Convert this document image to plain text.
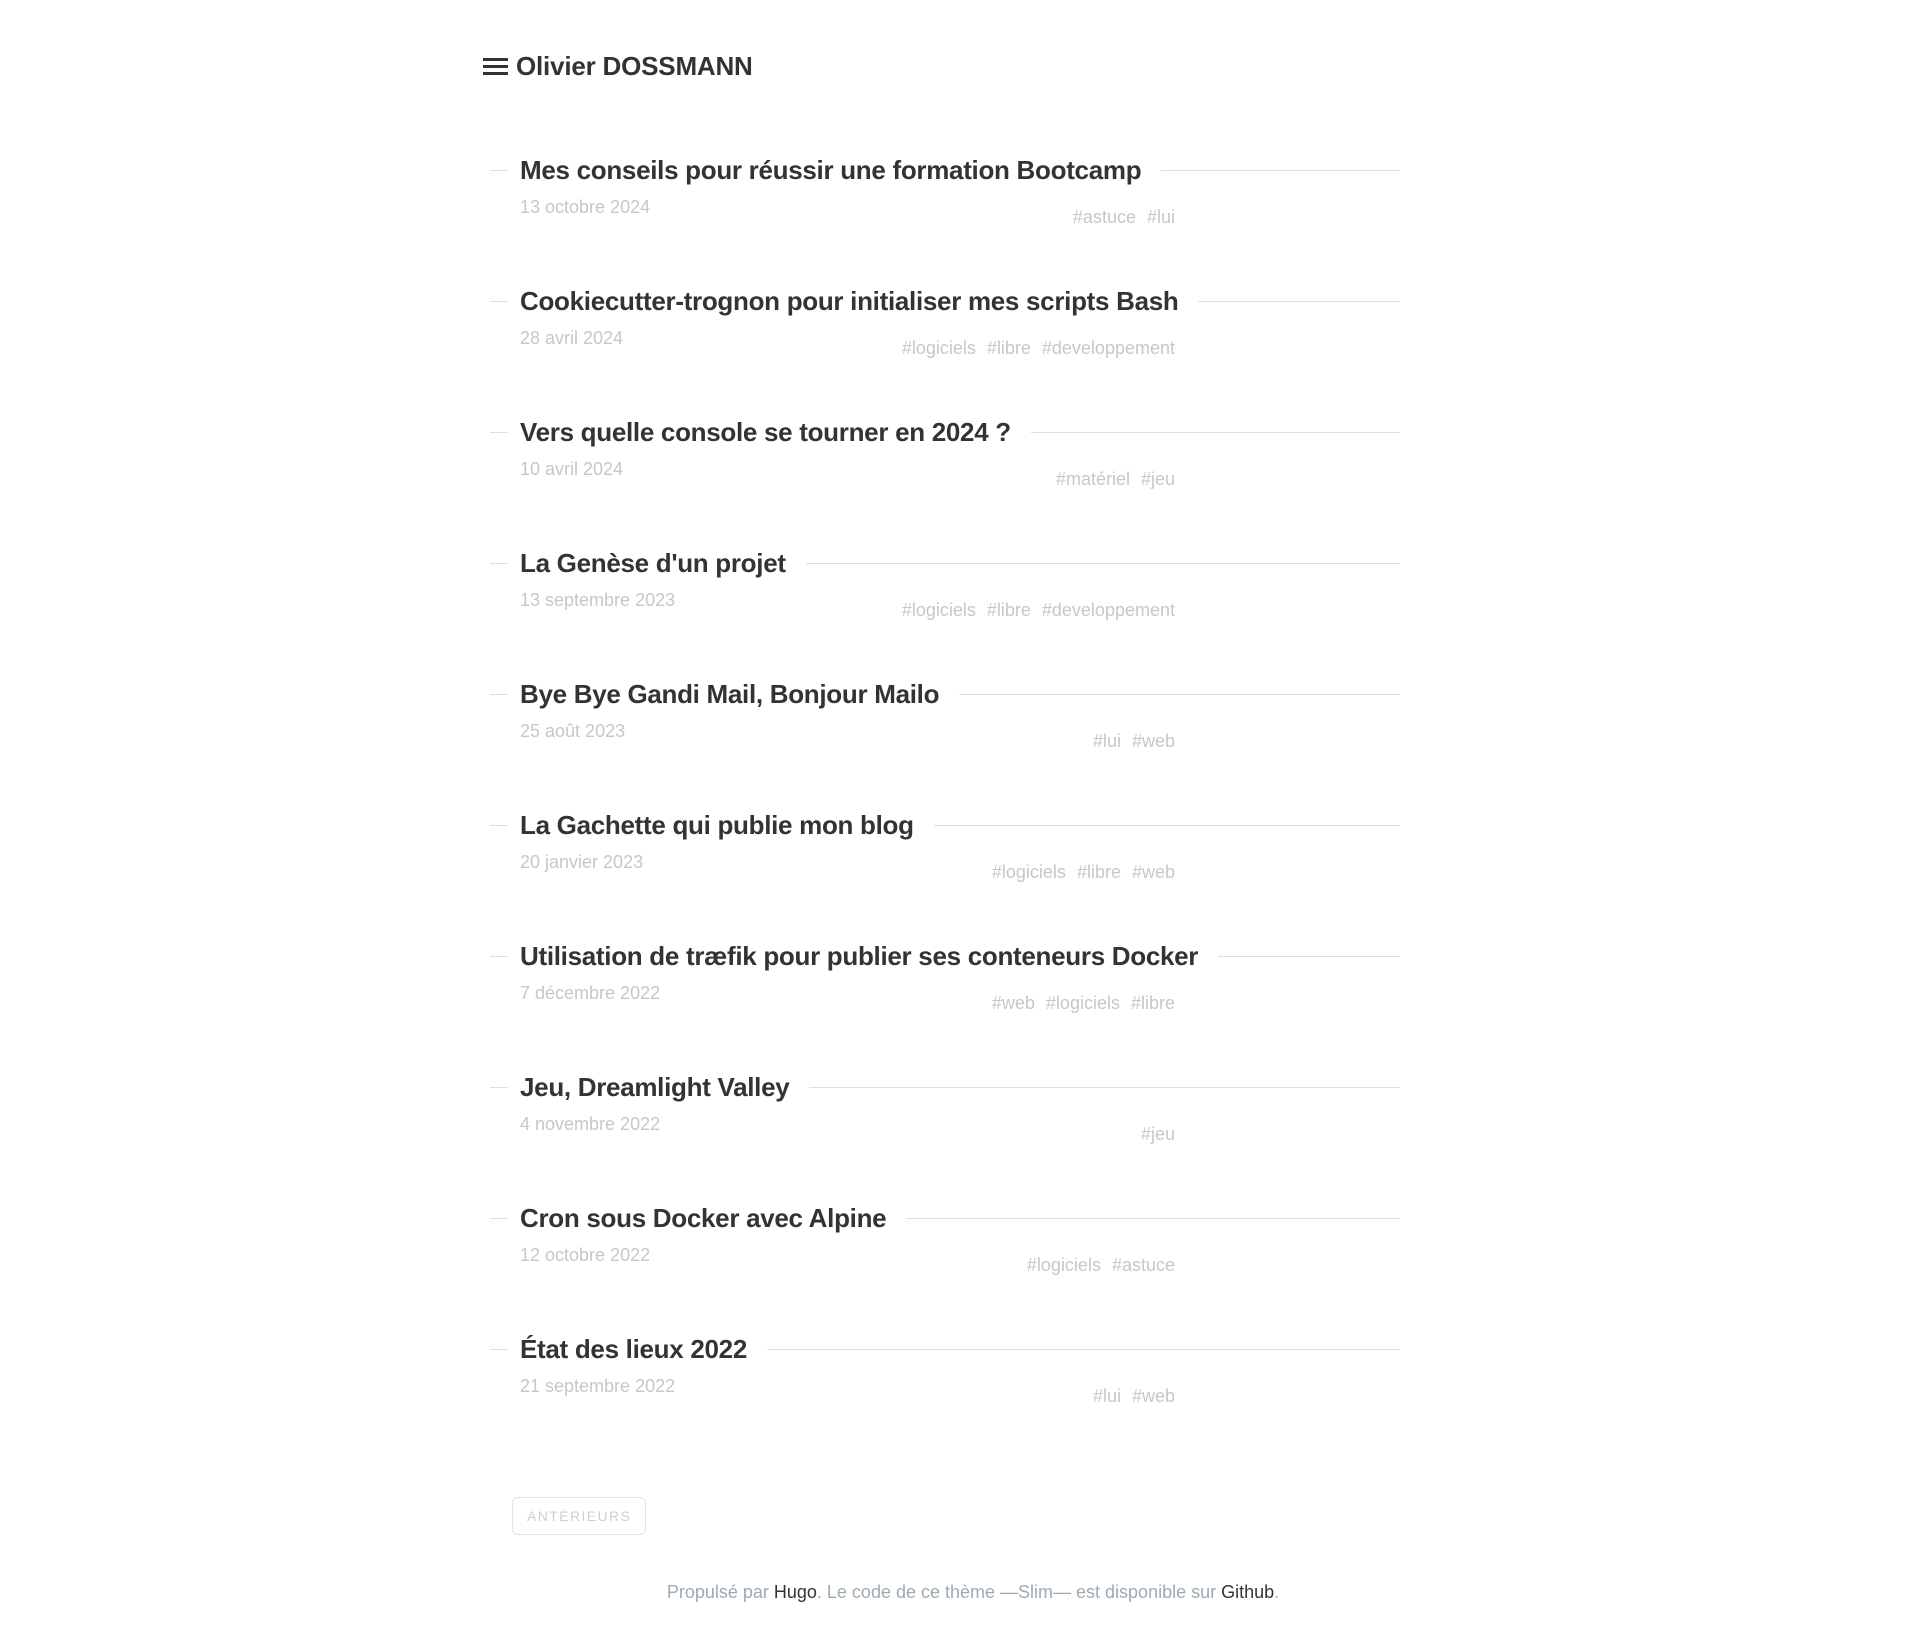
Olivier DOSSMANN
Mes conseils pour réussir une formation Bootcamp
13 octobre 2024	#astuce #lui
Cookiecutter-trognon pour initialiser mes scripts Bash
28 avril 2024	#logiciels #libre #developpement
Vers quelle console se tourner en 2024 ?
10 avril 2024	#matériel #jeu
La Genèse d'un projet
13 septembre 2023	#logiciels #libre #developpement
Bye Bye Gandi Mail, Bonjour Mailo
25 août 2023	#lui #web
La Gachette qui publie mon blog
20 janvier 2023	#logiciels #libre #web
Utilisation de træfik pour publier ses conteneurs Docker
7 décembre 2022	#web #logiciels #libre
Jeu, Dreamlight Valley
4 novembre 2022	#jeu
Cron sous Docker avec Alpine
12 octobre 2022	#logiciels #astuce
État des lieux 2022
21 septembre 2022	#lui #web
ANTÉRIEURS
Propulsé par Hugo. Le code de ce thème —Slim— est disponible sur Github.
